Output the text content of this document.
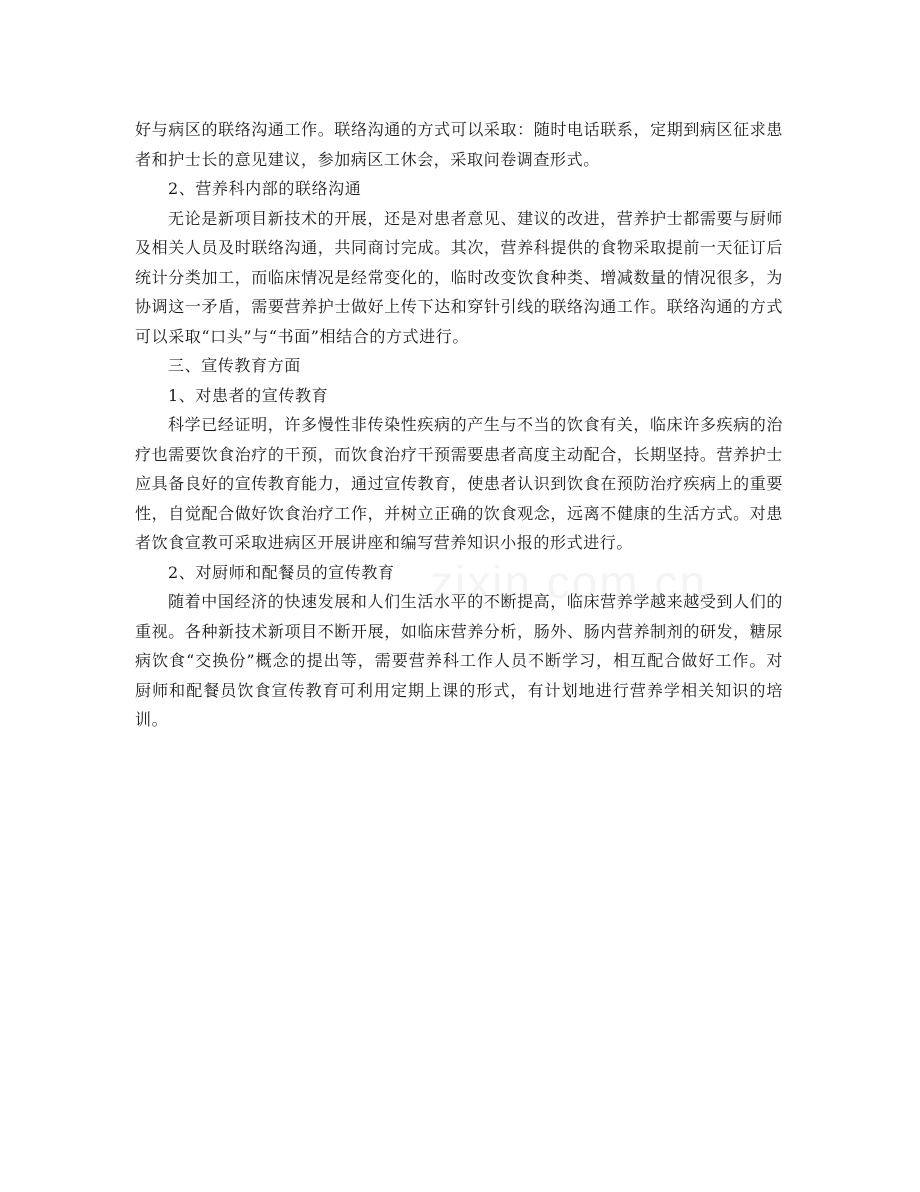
好与病区的联络沟通工作。联络沟通的方式可以采取：随时电话联系，定期到病区征求患者和护士长的意见建议，参加病区工休会，采取问卷调查形式。

2、营养科内部的联络沟通

无论是新项目新技术的开展，还是对患者意见、建议的改进，营养护士都需要与厨师及相关人员及时联络沟通，共同商讨完成。其次，营养科提供的食物采取提前一天征订后统计分类加工，而临床情况是经常变化的，临时改变饮食种类、增减数量的情况很多，为协调这一矛盾，需要营养护士做好上传下达和穿针引线的联络沟通工作。联络沟通的方式可以采取“口头”与“书面”相结合的方式进行。

三、宣传教育方面

1、对患者的宣传教育

科学已经证明，许多慢性非传染性疾病的产生与不当的饮食有关，临床许多疾病的治疗也需要饮食治疗的干预，而饮食治疗干预需要患者高度主动配合，长期坚持。营养护士应具备良好的宣传教育能力，通过宣传教育，使患者认识到饮食在预防治疗疾病上的重要性，自觉配合做好饮食治疗工作，并树立正确的饮食观念，远离不健康的生活方式。对患者饮食宣教可采取进病区开展讲座和编写营养知识小报的形式进行。

2、对厨师和配餐员的宣传教育

随着中国经济的快速发展和人们生活水平的不断提高，临床营养学越来越受到人们的重视。各种新技术新项目不断开展，如临床营养分析，肠外、肠内营养制剂的研发，糖尿病饮食“交换份”概念的提出等，需要营养科工作人员不断学习，相互配合做好工作。对厨师和配餐员饮食宣传教育可利用定期上课的形式，有计划地进行营养学相关知识的培训。
